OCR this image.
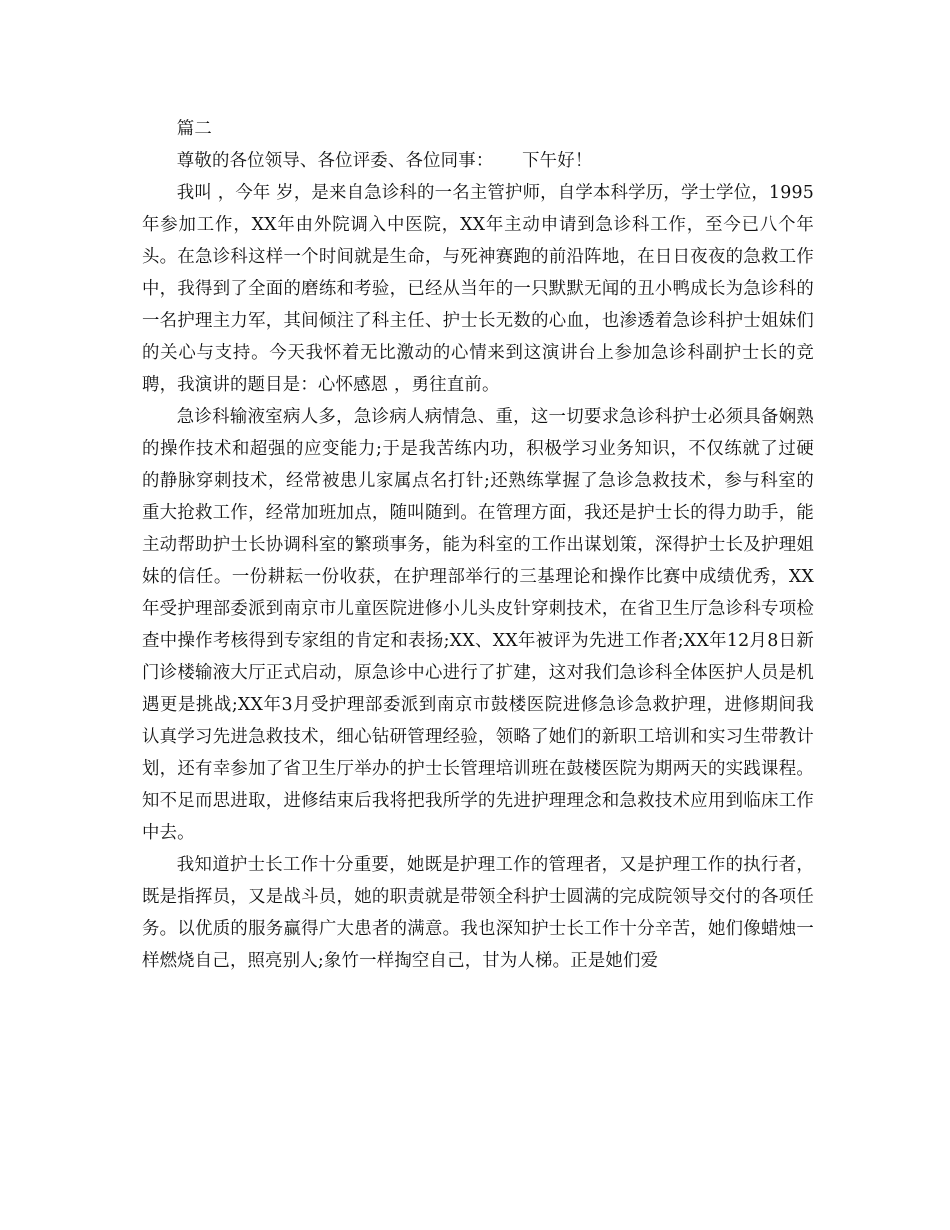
篇二

尊敬的各位领导、各位评委、各位同事：     下午好！

我叫 ，今年 岁，是来自急诊科的一名主管护师，自学本科学历，学士学位，1995年参加工作，XX年由外院调入中医院，XX年主动申请到急诊科工作，至今已八个年头。在急诊科这样一个时间就是生命，与死神赛跑的前沿阵地，在日日夜夜的急救工作中，我得到了全面的磨练和考验，已经从当年的一只默默无闻的丑小鸭成长为急诊科的一名护理主力军，其间倾注了科主任、护士长无数的心血，也渗透着急诊科护士姐妹们的关心与支持。今天我怀着无比激动的心情来到这演讲台上参加急诊科副护士长的竞聘，我演讲的题目是：心怀感恩 ，勇往直前。

急诊科输液室病人多，急诊病人病情急、重，这一切要求急诊科护士必须具备娴熟的操作技术和超强的应变能力;于是我苦练内功，积极学习业务知识，不仅练就了过硬的静脉穿刺技术，经常被患儿家属点名打针;还熟练掌握了急诊急救技术，参与科室的重大抢救工作，经常加班加点，随叫随到。在管理方面，我还是护士长的得力助手，能主动帮助护士长协调科室的繁琐事务，能为科室的工作出谋划策，深得护士长及护理姐妹的信任。一份耕耘一份收获，在护理部举行的三基理论和操作比赛中成绩优秀，XX年受护理部委派到南京市儿童医院进修小儿头皮针穿刺技术，在省卫生厅急诊科专项检查中操作考核得到专家组的肯定和表扬;XX、XX年被评为先进工作者;XX年12月8日新门诊楼输液大厅正式启动，原急诊中心进行了扩建，这对我们急诊科全体医护人员是机遇更是挑战;XX年3月受护理部委派到南京市鼓楼医院进修急诊急救护理，进修期间我认真学习先进急救技术，细心钻研管理经验，领略了她们的新职工培训和实习生带教计划，还有幸参加了省卫生厅举办的护士长管理培训班在鼓楼医院为期两天的实践课程。知不足而思进取，进修结束后我将把我所学的先进护理理念和急救技术应用到临床工作中去。

我知道护士长工作十分重要，她既是护理工作的管理者，又是护理工作的执行者，既是指挥员，又是战斗员，她的职责就是带领全科护士圆满的完成院领导交付的各项任务。以优质的服务赢得广大患者的满意。我也深知护士长工作十分辛苦，她们像蜡烛一样燃烧自己，照亮别人;象竹一样掏空自己，甘为人梯。正是她们爱
